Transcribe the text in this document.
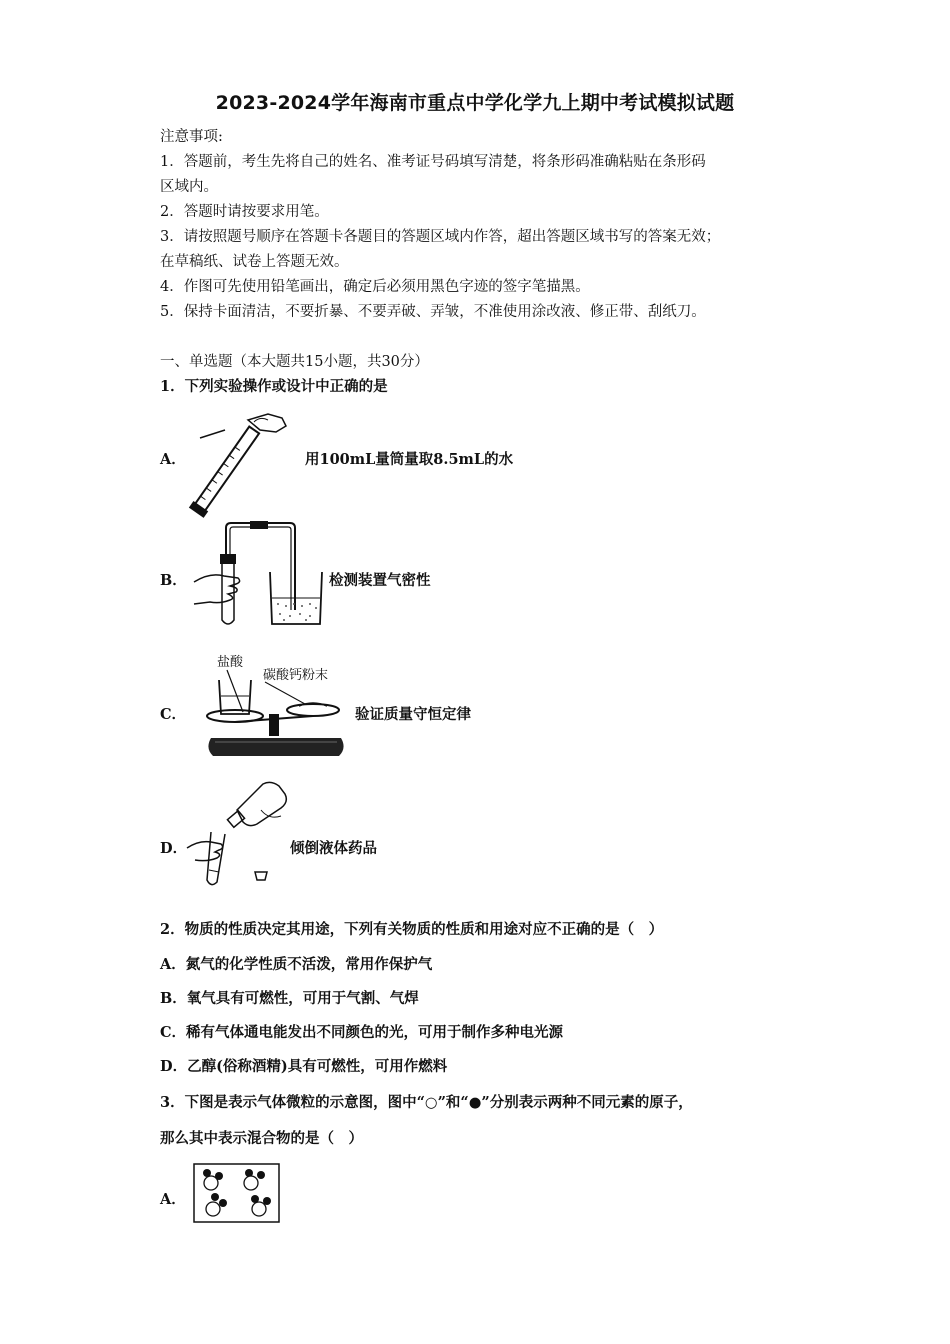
2023-2024学年海南市重点中学化学九上期中考试模拟试题
注意事项:
1．答题前，考生先将自己的姓名、准考证号码填写清楚，将条形码准确粘贴在条形码
区域内。
2．答题时请按要求用笔。
3．请按照题号顺序在答题卡各题目的答题区域内作答，超出答题区域书写的答案无效；
在草稿纸、试卷上答题无效。
4．作图可先使用铅笔画出，确定后必须用黑色字迹的签字笔描黑。
5．保持卡面清洁，不要折暴、不要弄破、弄皱，不准使用涂改液、修正带、刮纸刀。
一、单选题（本大题共15小题，共30分）
1．下列实验操作或设计中正确的是
A．	用100mL量筒量取8.5mL的水
B．	检测装置气密性
C．
盐酸
碳酸钙粉末
验证质量守恒定律
D．	倾倒液体药品
2．物质的性质决定其用途，下列有关物质的性质和用途对应不正确的是（　）
A．氮气的化学性质不活泼，常用作保护气
B．氧气具有可燃性，可用于气割、气焊
C．稀有气体通电能发出不同颜色的光，可用于制作多种电光源
D．乙醇(俗称酒精)具有可燃性，可用作燃料
3．下图是表示气体微粒的示意图，图中“○”和“●”分别表示两种不同元素的原子，
那么其中表示混合物的是（　）
A．
